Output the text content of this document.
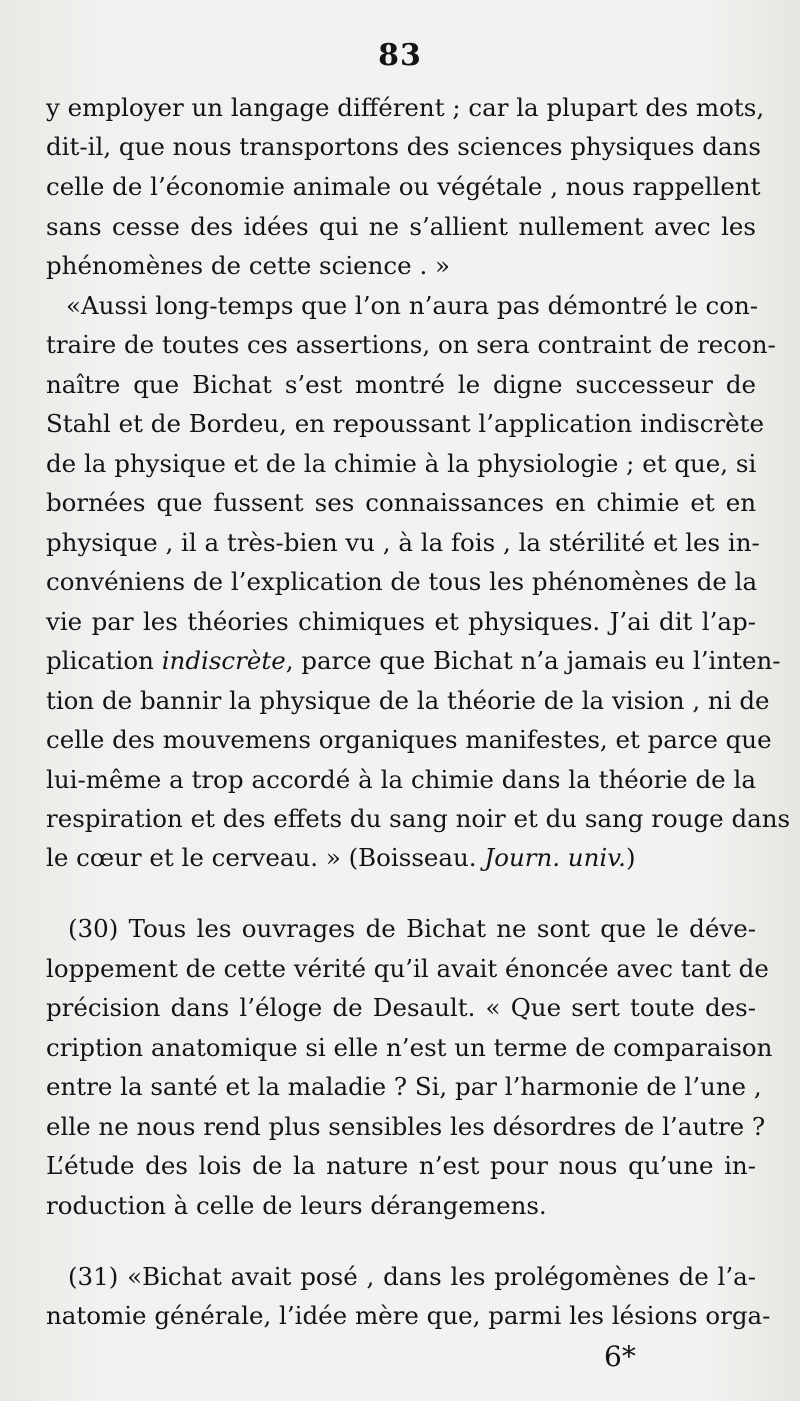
83
y employer un langage différent ; car la plupart des mots,
dit-il, que nous transportons des sciences physiques dans
celle de l’économie animale ou végétale , nous rappellent
sans cesse des idées qui ne s’allient nullement avec les
phénomènes de cette science . »
«Aussi long-temps que l’on n’aura pas démontré le con-
traire de toutes ces assertions, on sera contraint de recon-
naître que Bichat s’est montré le digne successeur de
Stahl et de Bordeu, en repoussant l’application indiscrète
de la physique et de la chimie à la physiologie ; et que, si
bornées que fussent ses connaissances en chimie et en
physique , il a très-bien vu , à la fois , la stérilité et les in-
convéniens de l’explication de tous les phénomènes de la
vie par les théories chimiques et physiques. J’ai dit l’ap-
plication indiscrète, parce que Bichat n’a jamais eu l’inten-
tion de bannir la physique de la théorie de la vision , ni de
celle des mouvemens organiques manifestes, et parce que
lui-même a trop accordé à la chimie dans la théorie de la
respiration et des effets du sang noir et du sang rouge dans
le cœur et le cerveau. » (Boisseau. Journ. univ.)
(30) Tous les ouvrages de Bichat ne sont que le déve-
loppement de cette vérité qu’il avait énoncée avec tant de
précision dans l’éloge de Desault. « Que sert toute des-
cription anatomique si elle n’est un terme de comparaison
entre la santé et la maladie ? Si, par l’harmonie de l’une ,
elle ne nous rend plus sensibles les désordres de l’autre ?
L’étude des lois de la nature n’est pour nous qu’une in-
roduction à celle de leurs dérangemens.
(31) «Bichat avait posé , dans les prolégomènes de l’a-
natomie générale, l’idée mère que, parmi les lésions orga-
6*
